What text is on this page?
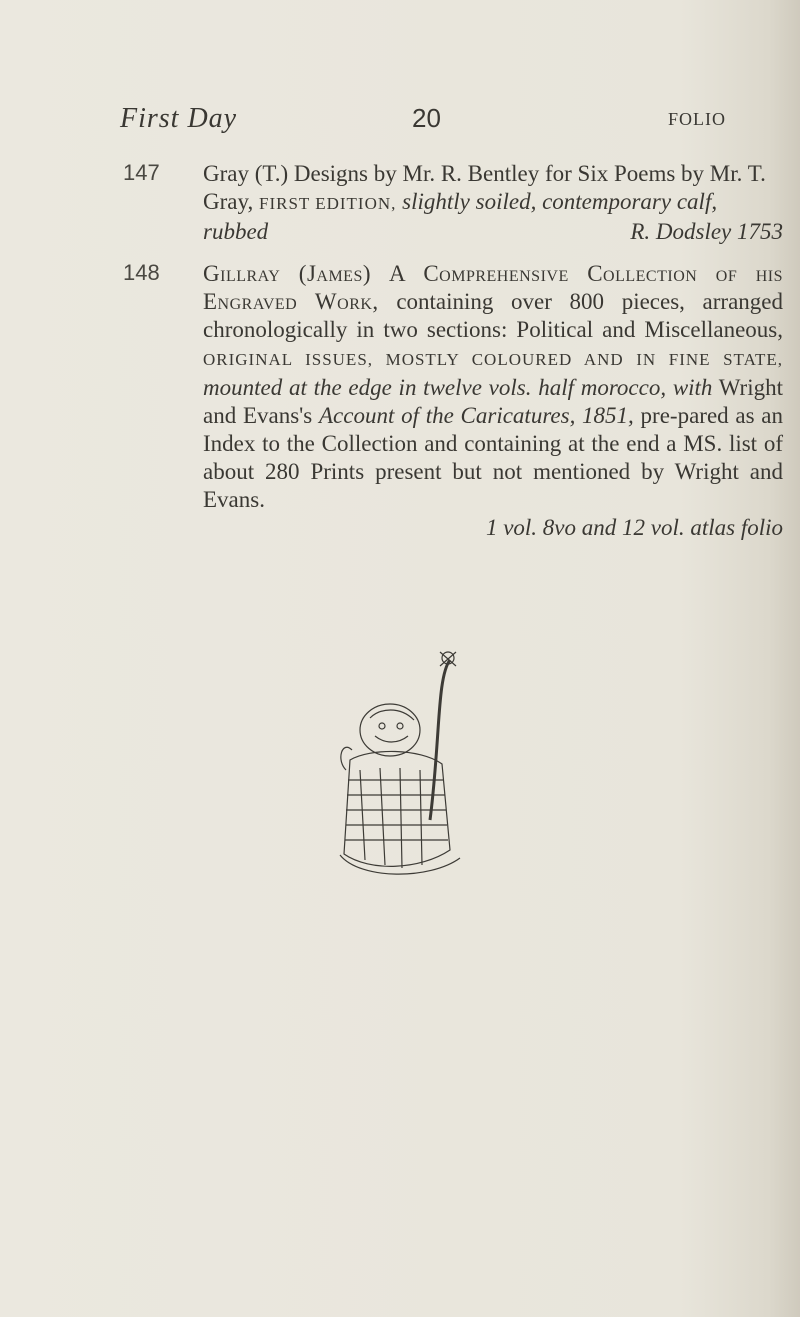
First Day	20	FOLIO
147 Gray (T.) Designs by Mr. R. Bentley for Six Poems by Mr. T.
Gray, FIRST EDITION, slightly soiled, contemporary calf,
rubbed	R. Dodsley 1753
148 Gillray (James) A Comprehensive Collection of his Engraved Work, containing over 800 pieces, arranged chronologically in two sections: Political and Miscellaneous, ORIGINAL ISSUES, MOSTLY COLOURED AND IN FINE STATE, mounted at the edge in twelve vols. half morocco, with Wright and Evans's Account of the Caricatures, 1851, pre-pared as an Index to the Collection and containing at the end a MS. list of about 280 Prints present but not mentioned by Wright and Evans.
1 vol. 8vo and 12 vol. atlas folio
